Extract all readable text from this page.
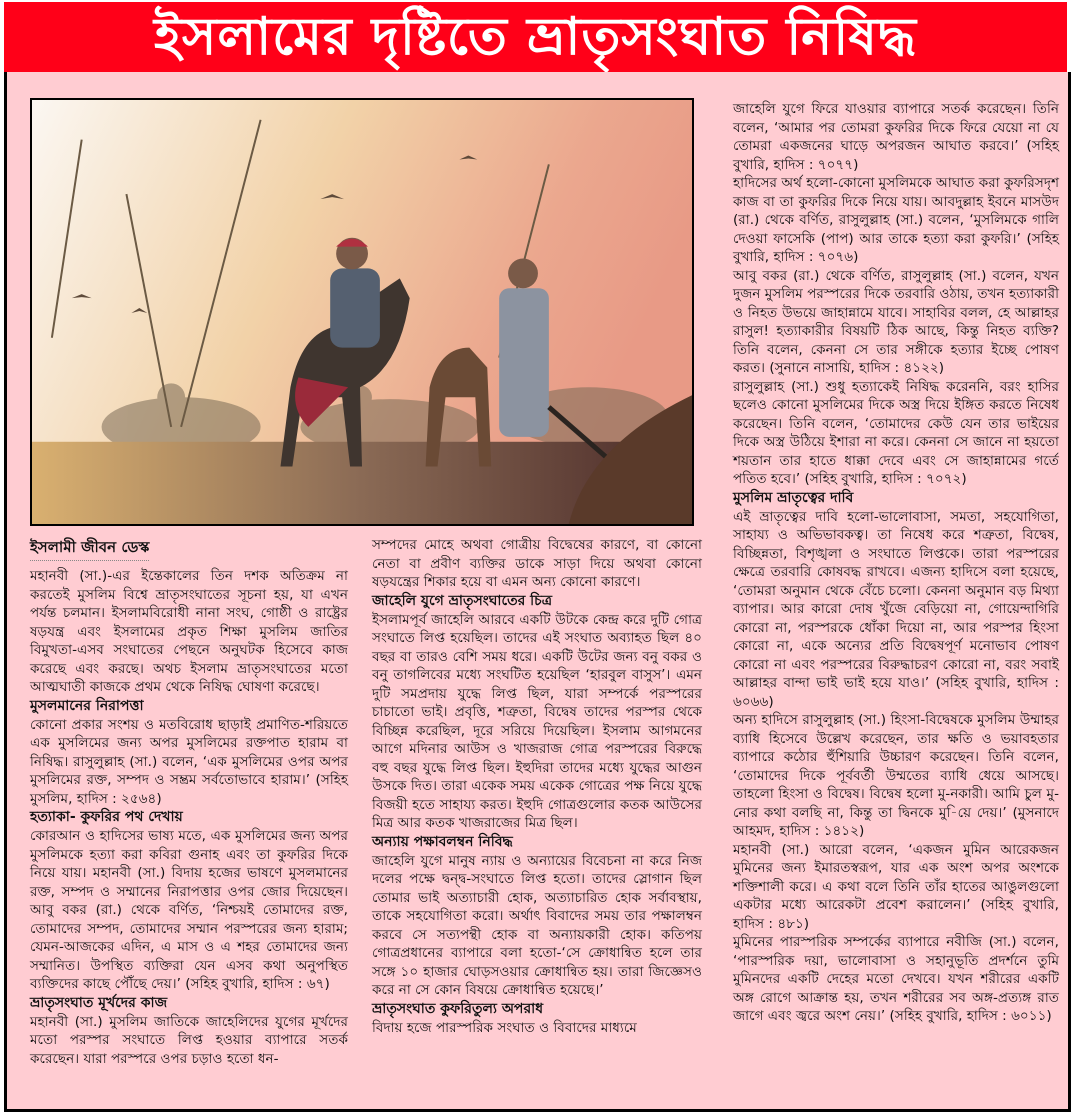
ইসলামের দৃষ্টিতে ভ্রাতৃসংঘাত নিষিদ্ধ
ইসলামী জীবন ডেস্ক

মহানবী (সা.)-এর ইন্তেকালের তিন দশক অতিক্রম না করতেই মুসলিম বিশ্বে ভ্রাতৃসংঘাতের সূচনা হয়, যা এখন পর্যন্ত চলমান। ইসলামবিরোধী নানা সংঘ, গোষ্ঠী ও রাষ্ট্রের ষড়যন্ত্র এবং ইসলামের প্রকৃত শিক্ষা মুসলিম জাতির বিমুখতা-এসব সংঘাতের পেছনে অনুঘটক হিসেবে কাজ করেছে এবং করছে। অথচ ইসলাম ভ্রাতৃসংঘাতের মতো আত্মঘাতী কাজকে প্রথম থেকে নিষিদ্ধ ঘোষণা করেছে।

মুসলমানের নিরাপত্তা

কোনো প্রকার সংশয় ও মতবিরোধ ছাড়াই প্রমাণিত-শরিয়তে এক মুসলিমের জন্য অপর মুসলিমের রক্তপাত হারাম বা নিষিদ্ধ। রাসুলুল্লাহ (সা.) বলেন, ‘এক মুসলিমের ওপর অপর মুসলিমের রক্ত, সম্পদ ও সম্ভ্রম সর্বতোভাবে হারাম।’ (সহিহ মুসলিম, হাদিস : ২৫৬৪)

হত্যাকা- কুফরির পথ দেখায়

কোরআন ও হাদিসের ভাষ্য মতে, এক মুসলিমের জন্য অপর মুসলিমকে হত্যা করা কবিরা গুনাহ এবং তা কুফরির দিকে নিয়ে যায়। মহানবী (সা.) বিদায় হজের ভাষণে মুসলমানের রক্ত, সম্পদ ও সম্মানের নিরাপত্তার ওপর জোর দিয়েছেন। আবু বকর (রা.) থেকে বর্ণিত, ‘নিশ্চয়ই তোমাদের রক্ত, তোমাদের সম্পদ, তোমাদের সম্মান পরস্পরের জন্য হারাম; যেমন-আজকের এদিন, এ মাস ও এ শহর তোমাদের জন্য সম্মানিত। উপস্থিত ব্যক্তিরা যেন এসব কথা অনুপস্থিত ব্যক্তিদের কাছে পৌঁছে দেয়।’ (সহিহ বুখারি, হাদিস : ৬৭)

ভ্রাতৃসংঘাত মূর্খদের কাজ

মহানবী (সা.) মুসলিম জাতিকে জাহেলিদের যুগের মূর্খদের মতো পরস্পর সংঘাতে লিপ্ত হওয়ার ব্যাপারে সতর্ক করেছেন। যারা পরস্পরে ওপর চড়াও হতো ধন-

সম্পদের মোহে অথবা গোত্রীয় বিদ্বেষের কারণে, বা কোনো নেতা বা প্রবীণ ব্যক্তির ডাকে সাড়া দিয়ে অথবা কোনো ষড়যন্ত্রের শিকার হয়ে বা এমন অন্য কোনো কারণে।

জাহেলি যুগে ভ্রাতৃসংঘাতের চিত্র

ইসলামপূর্ব জাহেলি আরবে একটি উটকে কেন্দ্র করে দুটি গোত্র সংঘাতে লিপ্ত হয়েছিল। তাদের এই সংঘাত অব্যাহত ছিল ৪০ বছর বা তারও বেশি সময় ধরে। একটি উটের জন্য বনু বকর ও বনু তাগলিবের মধ্যে সংঘটিত হয়েছিল ‘হারবুল বাসুস’। এমন দুটি সমপ্রদায় যুদ্ধে লিপ্ত ছিল, যারা সম্পর্কে পরস্পরের চাচাতো ভাই। প্রবৃত্তি, শত্রুতা, বিদ্বেষ তাদের পরস্পর থেকে বিচ্ছিন্ন করেছিল, দূরে সরিয়ে দিয়েছিল। ইসলাম আগমনের আগে মদিনার আউস ও খাজরাজ গোত্র পরস্পরের বিরুদ্ধে বহু বছর যুদ্ধে লিপ্ত ছিল। ইহুদিরা তাদের মধ্যে যুদ্ধের আগুন উসকে দিত। তারা একেক সময় একেক গোত্রের পক্ষ নিয়ে যুদ্ধে বিজয়ী হতে সাহায্য করত। ইহুদি গোত্রগুলোর কতক আউসের মিত্র আর কতক খাজরাজের মিত্র ছিল।

অন্যায় পক্ষাবলম্বন নিবিদ্ধ

জাহেলি যুগে মানুষ ন্যায় ও অন্যায়ের বিবেচনা না করে নিজ দলের পক্ষে দ্বন্দ্ব-সংঘাতে লিপ্ত হতো। তাদের স্লোগান ছিল তোমার ভাই অত্যাচারী হোক, অত্যাচারিত হোক সর্বাবস্থায়, তাকে সহযোগিতা করো। অর্থাৎ বিবাদের সময় তার পক্ষালম্বন করবে সে সত্যপন্থী হোক বা অন্যায়কারী হোক। কতিপয় গোত্রপ্রধানের ব্যাপারে বলা হতো-‘সে ক্রোধান্বিত হলে তার সঙ্গে ১০ হাজার ঘোড়সওয়ার ক্রোধান্বিত হয়। তারা জিজ্ঞেসও করে না সে কোন বিষয়ে ক্রোধান্বিত হয়েছে।’

ভ্রাতৃসংঘাত কুফরিতুল্য অপরাধ

বিদায় হজে পারস্পরিক সংঘাত ও বিবাদের মাধ্যমে

জাহেলি যুগে ফিরে যাওয়ার ব্যাপারে সতর্ক করেছেন। তিনি বলেন, ‘আমার পর তোমরা কুফরির দিকে ফিরে যেয়ো না যে তোমরা একজনের ঘাড়ে অপরজন আঘাত করবে।’ (সহিহ বুখারি, হাদিস : ৭০৭৭)

হাদিসের অর্থ হলো-কোনো মুসলিমকে আঘাত করা কুফরিসদৃশ কাজ বা তা কুফরির দিকে নিয়ে যায়। আবদুল্লাহ ইবনে মাসউদ (রা.) থেকে বর্ণিত, রাসুলুল্লাহ (সা.) বলেন, ‘মুসলিমকে গালি দেওয়া ফাসেকি (পাপ) আর তাকে হত্যা করা কুফরি।’ (সহিহ বুখারি, হাদিস : ৭০৭৬)

আবু বকর (রা.) থেকে বর্ণিত, রাসুলুল্লাহ (সা.) বলেন, যখন দুজন মুসলিম পরস্পরের দিকে তরবারি ওঠায়, তখন হত্যাকারী ও নিহত উভয়ে জাহান্নামে যাবে। সাহাবির বলল, হে আল্লাহর রাসুল! হত্যাকারীর বিষয়টি ঠিক আছে, কিন্তু নিহত ব্যক্তি? তিনি বলেন, কেননা সে তার সঙ্গীকে হত্যার ইচ্ছে পোষণ করত। (সুনানে নাসায়ি, হাদিস : ৪১২২)

রাসুলুল্লাহ (সা.) শুধু হত্যাকেই নিষিদ্ধ করেননি, বরং হাসির ছলেও কোনো মুসলিমের দিকে অস্ত্র দিয়ে ইঙ্গিত করতে নিষেধ করেছেন। তিনি বলেন, ‘তোমাদের কেউ যেন তার ভাইয়ের দিকে অস্ত্র উঠিয়ে ইশারা না করে। কেননা সে জানে না হয়তো শয়তান তার হাতে ধাক্কা দেবে এবং সে জাহান্নামের গর্তে পতিত হবে।’ (সহিহ বুখারি, হাদিস : ৭০৭২)

মুসলিম ভ্রাতৃত্বের দাবি

এই ভ্রাতৃত্বের দাবি হলো-ভালোবাসা, সমতা, সহযোগিতা, সাহায্য ও অভিভাবকত্ব। তা নিষেধ করে শত্রুতা, বিদ্বেষ, বিচ্ছিন্নতা, বিশৃঙ্খলা ও সংঘাতে লিপ্তকে। তারা পরস্পরের ক্ষেত্রে তরবারি কোষবদ্ধ রাখবে। এজন্য হাদিসে বলা হয়েছে, ‘তোমরা অনুমান থেকে বেঁচে চলো। কেননা অনুমান বড় মিথ্যা ব্যাপার। আর কারো দোষ খুঁজে বেড়িয়ো না, গোয়েন্দাগিরি কোরো না, পরস্পরকে ধোঁকা দিয়ো না, আর পরস্পর হিংসা কোরো না, একে অন্যের প্রতি বিদ্বেষপূর্ণ মনোভাব পোষণ কোরো না এবং পরস্পরের বিরুদ্ধাচরণ কোরো না, বরং সবাই আল্লাহর বান্দা ভাই ভাই হয়ে যাও।’ (সহিহ বুখারি, হাদিস : ৬০৬৬)

অন্য হাদিসে রাসুলুল্লাহ (সা.) হিংসা-বিদ্বেষকে মুসলিম উম্মাহর ব্যাধি হিসেবে উল্লেখ করেছেন, তার ক্ষতি ও ভয়াবহতার ব্যাপারে কঠোর হুঁশিয়ারি উচ্চারণ করেছেন। তিনি বলেন, ‘তোমাদের দিকে পূর্ববর্তী উম্মতের ব্যাধি ধেয়ে আসছে। তাহলো হিংসা ও বিদ্বেষ। বিদ্বেষ হলো মু-নকারী। আমি চুল মু-নোর কথা বলছি না, কিন্তু তা দ্বিনকে মু-িয়ে দেয়।’ (মুসনাদে আহমদ, হাদিস : ১৪১২)

মহানবী (সা.) আরো বলেন, ‘একজন মুমিন আরেকজন মুমিনের জন্য ইমারতস্বরূপ, যার এক অংশ অপর অংশকে শক্তিশালী করে। এ কথা বলে তিনি তাঁর হাতের আঙুলগুলো একটার মধ্যে আরেকটা প্রবেশ করালেন।’ (সহিহ বুখারি, হাদিস : ৪৮১)

মুমিনের পারস্পরিক সম্পর্কের ব্যাপারে নবীজি (সা.) বলেন, ‘পারস্পরিক দয়া, ভালোবাসা ও সহানুভূতি প্রদর্শনে তুমি মুমিনদের একটি দেহের মতো দেখবে। যখন শরীরের একটি অঙ্গ রোগে আক্রান্ত হয়, তখন শরীরের সব অঙ্গ-প্রত্যঙ্গ রাত জাগে এবং জ্বরে অংশ নেয়।’ (সহিহ বুখারি, হাদিস : ৬০১১)
